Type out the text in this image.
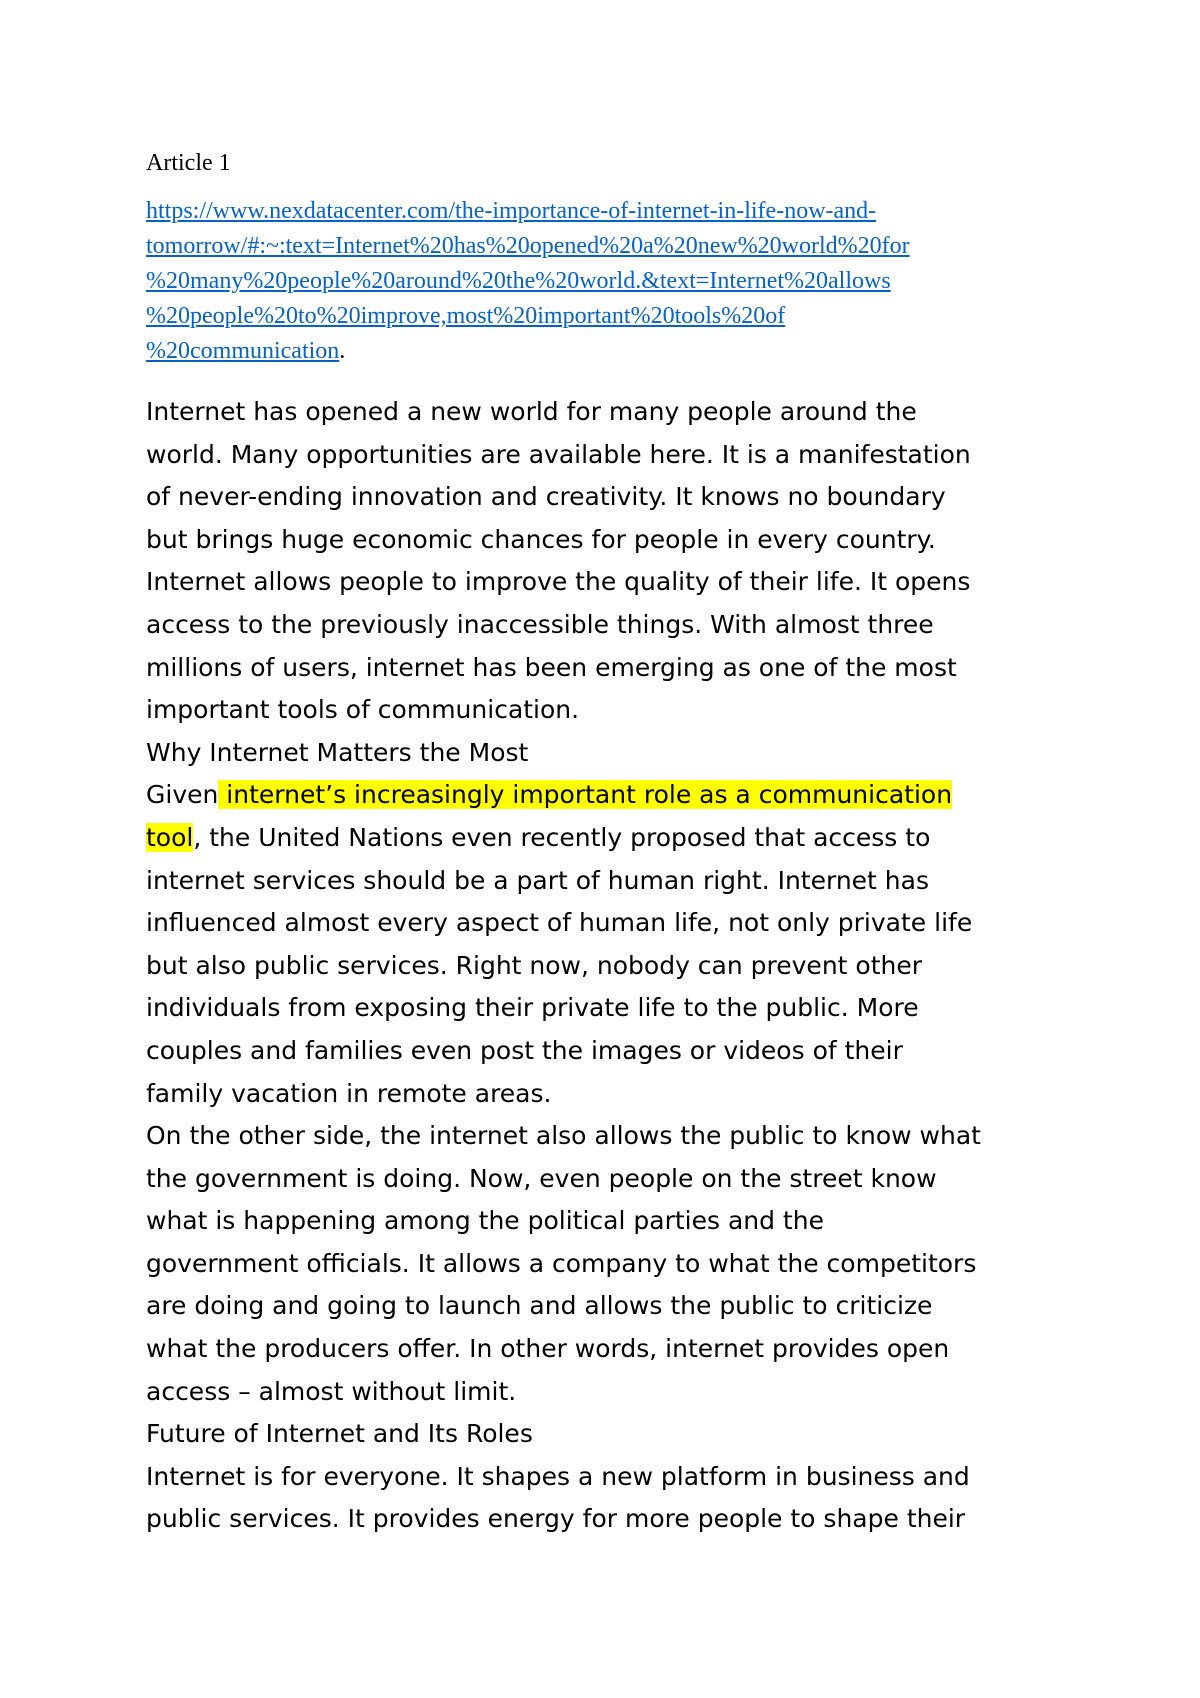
Article 1
https://www.nexdatacenter.com/the-importance-of-internet-in-life-now-and-
tomorrow/#:~:text=Internet%20has%20opened%20a%20new%20world%20for
%20many%20people%20around%20the%20world.&text=Internet%20allows
%20people%20to%20improve,most%20important%20tools%20of
%20communication.
Internet has opened a new world for many people around the
world. Many opportunities are available here. It is a manifestation
of never-ending innovation and creativity. It knows no boundary
but brings huge economic chances for people in every country.
Internet allows people to improve the quality of their life. It opens
access to the previously inaccessible things. With almost three
millions of users, internet has been emerging as one of the most
important tools of communication.
Why Internet Matters the Most
Given internet’s increasingly important role as a communication
tool, the United Nations even recently proposed that access to
internet services should be a part of human right. Internet has
influenced almost every aspect of human life, not only private life
but also public services. Right now, nobody can prevent other
individuals from exposing their private life to the public. More
couples and families even post the images or videos of their
family vacation in remote areas.
On the other side, the internet also allows the public to know what
the government is doing. Now, even people on the street know
what is happening among the political parties and the
government officials. It allows a company to what the competitors
are doing and going to launch and allows the public to criticize
what the producers offer. In other words, internet provides open
access – almost without limit.
Future of Internet and Its Roles
Internet is for everyone. It shapes a new platform in business and
public services. It provides energy for more people to shape their
